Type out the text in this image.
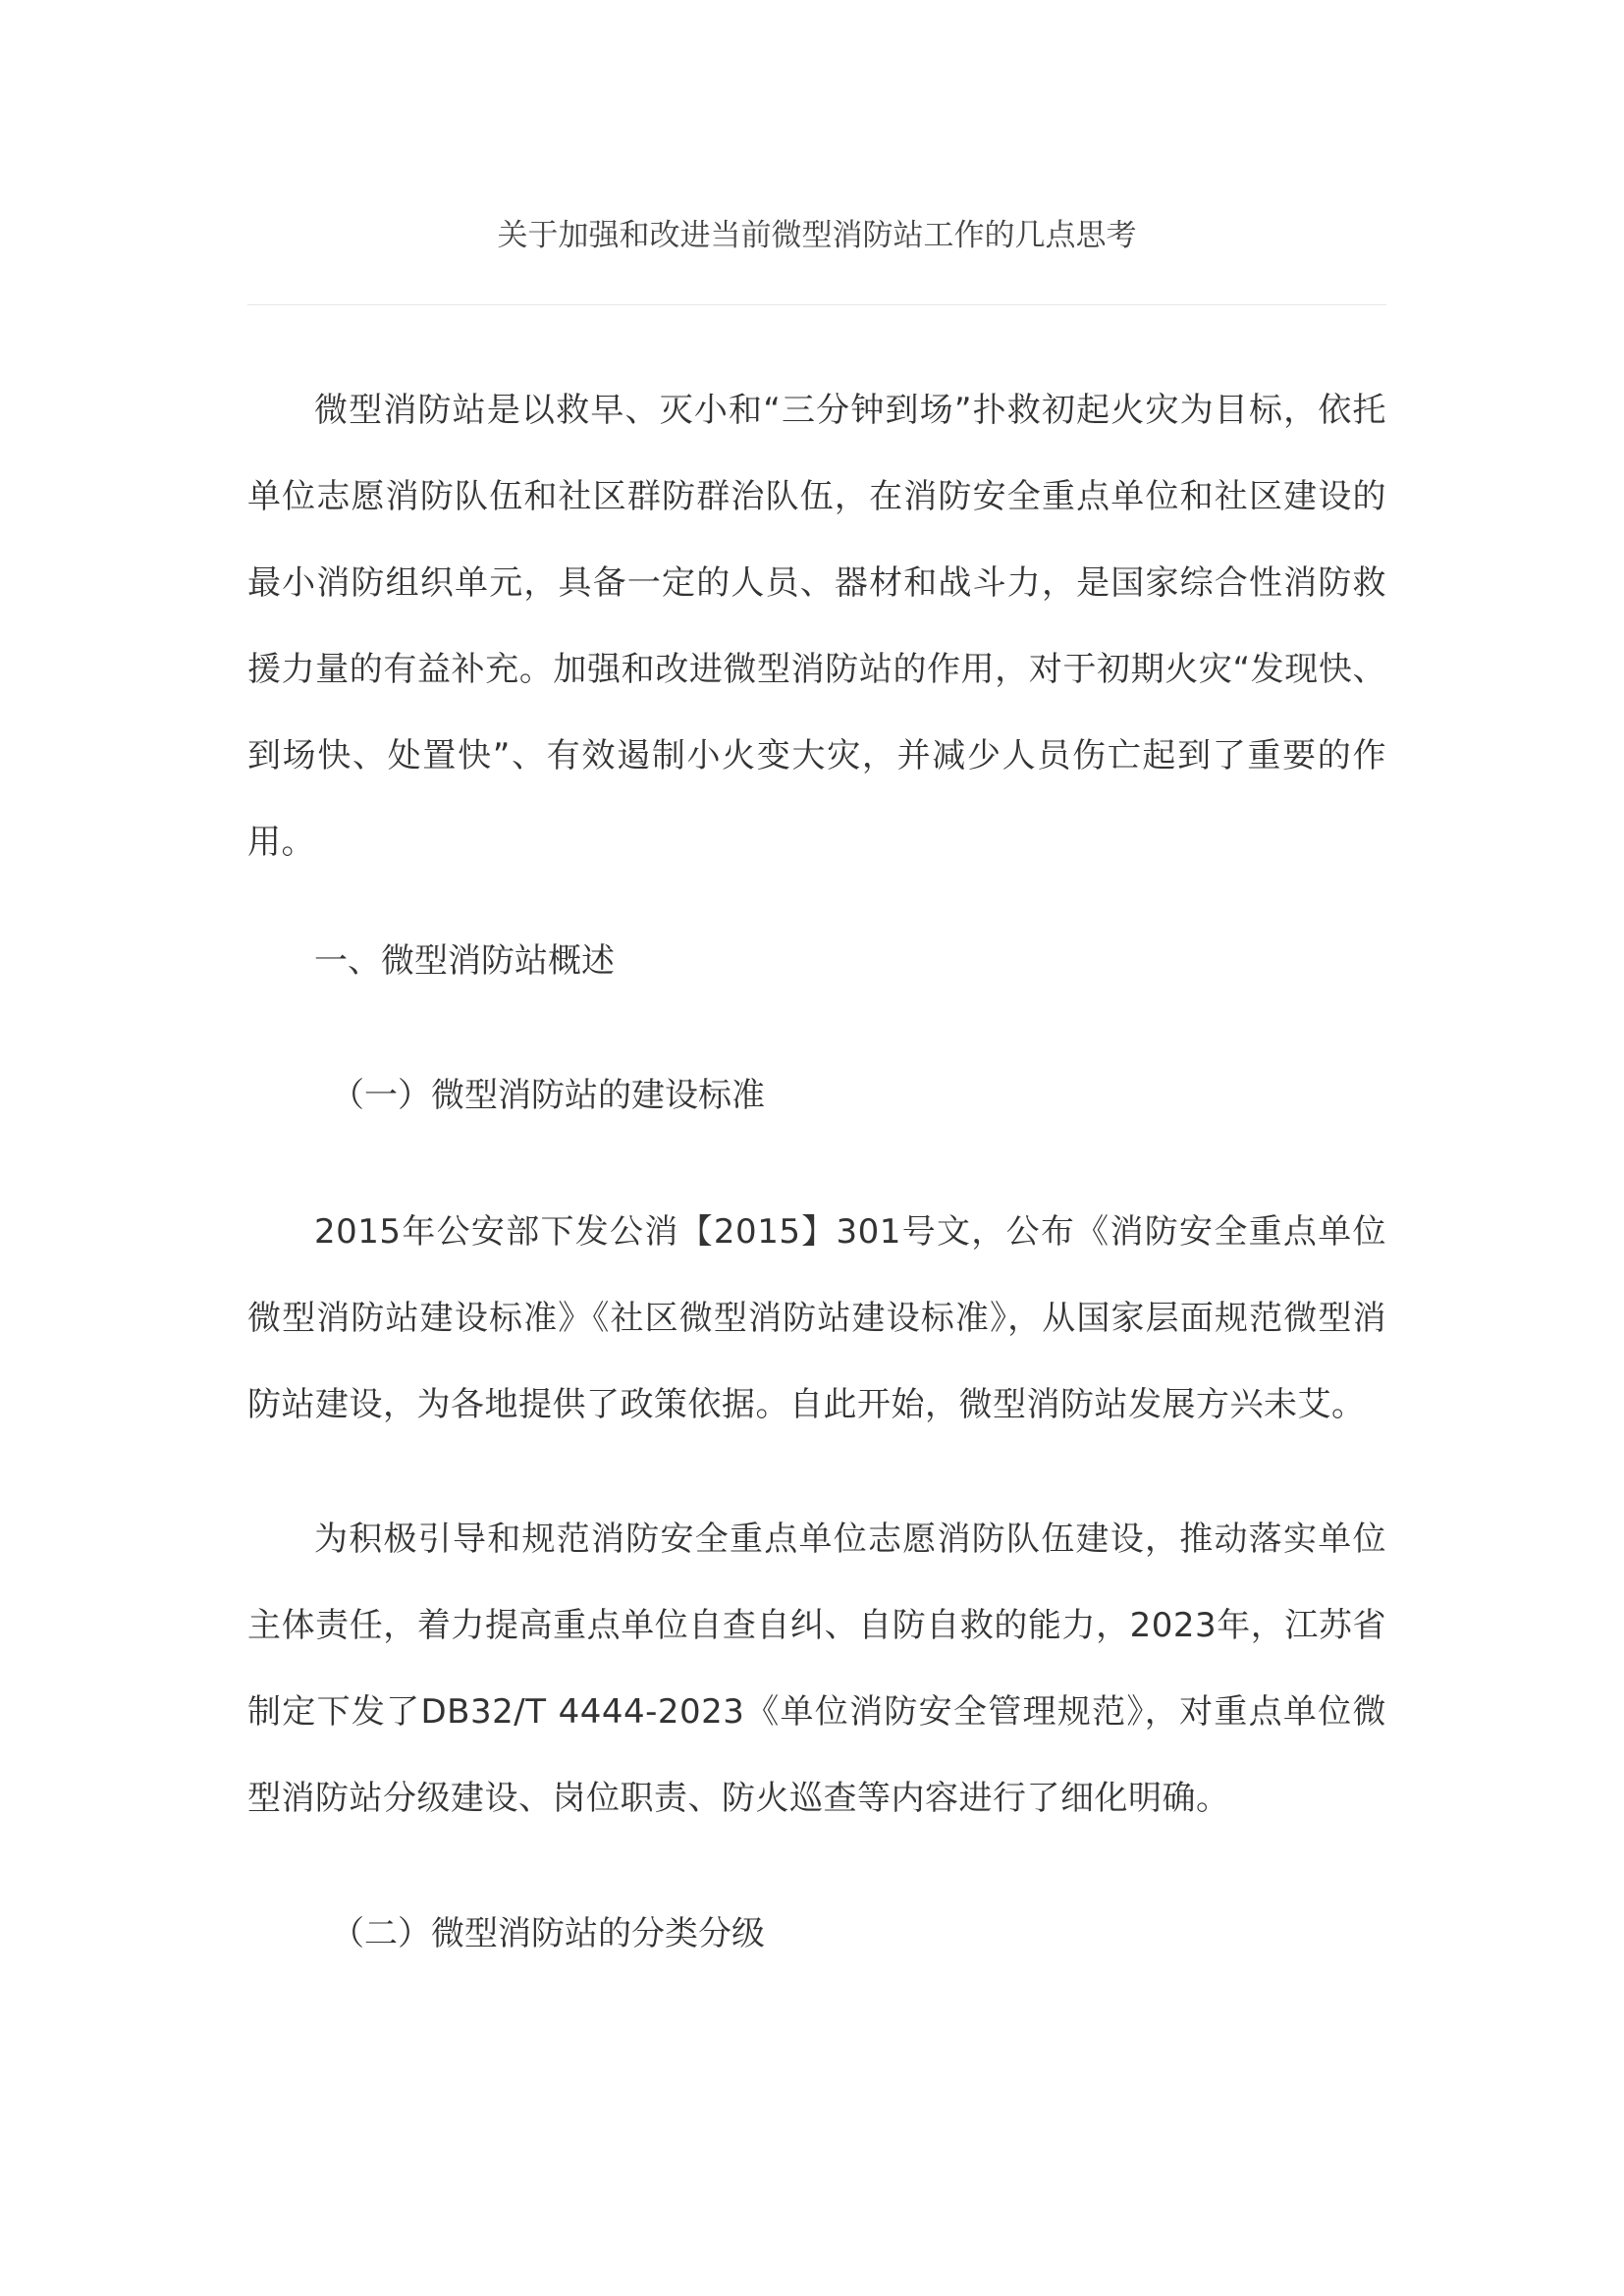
关于加强和改进当前微型消防站工作的几点思考

微型消防站是以救早、灭小和“三分钟到场”扑救初起火灾为目标，依托单位志愿消防队伍和社区群防群治队伍，在消防安全重点单位和社区建设的最小消防组织单元，具备一定的人员、器材和战斗力，是国家综合性消防救援力量的有益补充。加强和改进微型消防站的作用，对于初期火灾“发现快、到场快、处置快”、有效遏制小火变大灾，并减少人员伤亡起到了重要的作用。

一、微型消防站概述
（一）微型消防站的建设标准

2015年公安部下发公消【2015】301号文，公布《消防安全重点单位微型消防站建设标准》《社区微型消防站建设标准》，从国家层面规范微型消防站建设，为各地提供了政策依据。自此开始，微型消防站发展方兴未艾。

为积极引导和规范消防安全重点单位志愿消防队伍建设，推动落实单位主体责任，着力提高重点单位自查自纠、自防自救的能力，2023年，江苏省制定下发了DB32/T 4444-2023《单位消防安全管理规范》，对重点单位微型消防站分级建设、岗位职责、防火巡查等内容进行了细化明确。

（二）微型消防站的分类分级
